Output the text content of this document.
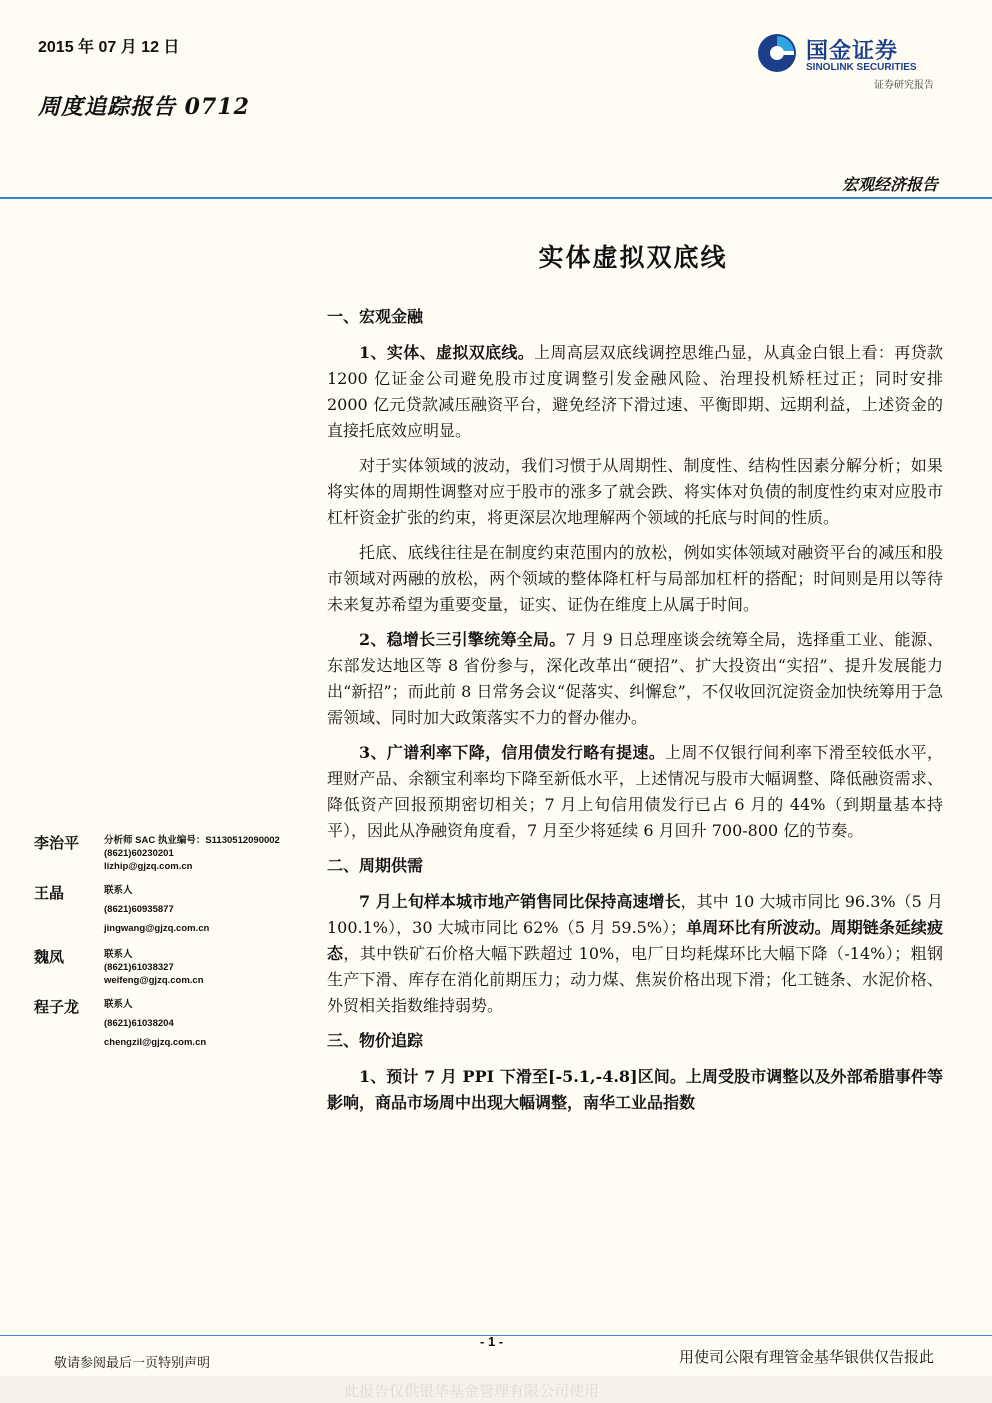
2015 年 07 月 12 日
周度追踪报告 0712
国金证券
SINOLINK SECURITIES
证券研究报告
宏观经济报告
实体虚拟双底线
一、宏观金融
1、实体、虚拟双底线。上周高层双底线调控思维凸显，从真金白银上看：再贷款 1200 亿证金公司避免股市过度调整引发金融风险、治理投机矫枉过正；同时安排 2000 亿元贷款减压融资平台，避免经济下滑过速、平衡即期、远期利益，上述资金的直接托底效应明显。
对于实体领域的波动，我们习惯于从周期性、制度性、结构性因素分解分析；如果将实体的周期性调整对应于股市的涨多了就会跌、将实体对负债的制度性约束对应股市杠杆资金扩张的约束，将更深层次地理解两个领域的托底与时间的性质。
托底、底线往往是在制度约束范围内的放松，例如实体领域对融资平台的减压和股市领域对两融的放松，两个领域的整体降杠杆与局部加杠杆的搭配；时间则是用以等待未来复苏希望为重要变量，证实、证伪在维度上从属于时间。
2、稳增长三引擎统筹全局。7 月 9 日总理座谈会统筹全局，选择重工业、能源、东部发达地区等 8 省份参与，深化改革出“硬招”、扩大投资出“实招”、提升发展能力出“新招”；而此前 8 日常务会议“促落实、纠懈怠”，不仅收回沉淀资金加快统筹用于急需领域、同时加大政策落实不力的督办催办。
3、广谱利率下降，信用债发行略有提速。上周不仅银行间利率下滑至较低水平，理财产品、余额宝利率均下降至新低水平，上述情况与股市大幅调整、降低融资需求、降低资产回报预期密切相关；7 月上旬信用债发行已占 6 月的 44%（到期量基本持平），因此从净融资角度看，7 月至少将延续 6 月回升 700-800 亿的节奏。
二、周期供需
7 月上旬样本城市地产销售同比保持高速增长，其中 10 大城市同比 96.3%（5 月 100.1%），30 大城市同比 62%（5 月 59.5%）；单周环比有所波动。周期链条延续疲态，其中铁矿石价格大幅下跌超过 10%，电厂日均耗煤环比大幅下降（-14%）；粗钢生产下滑、库存在消化前期压力；动力煤、焦炭价格出现下滑；化工链条、水泥价格、外贸相关指数维持弱势。
三、物价追踪
1、预计 7 月 PPI 下滑至[-5.1,-4.8]区间。上周受股市调整以及外部希腊事件等影响，商品市场周中出现大幅调整，南华工业品指数
李治平	分析师 SAC 执业编号：S1130512090002
(8621)60230201
lizhip@gjzq.com.cn
王晶	联系人
(8621)60935877
jingwang@gjzq.com.cn
魏凤	联系人
(8621)61038327
weifeng@gjzq.com.cn
程子龙	联系人
(8621)61038204
chengzil@gjzq.com.cn
- 1 -
敬请参阅最后一页特别声明	用使司公限有理管金基华银供仅告报此
此报告仅供银华基金管理有限公司使用
